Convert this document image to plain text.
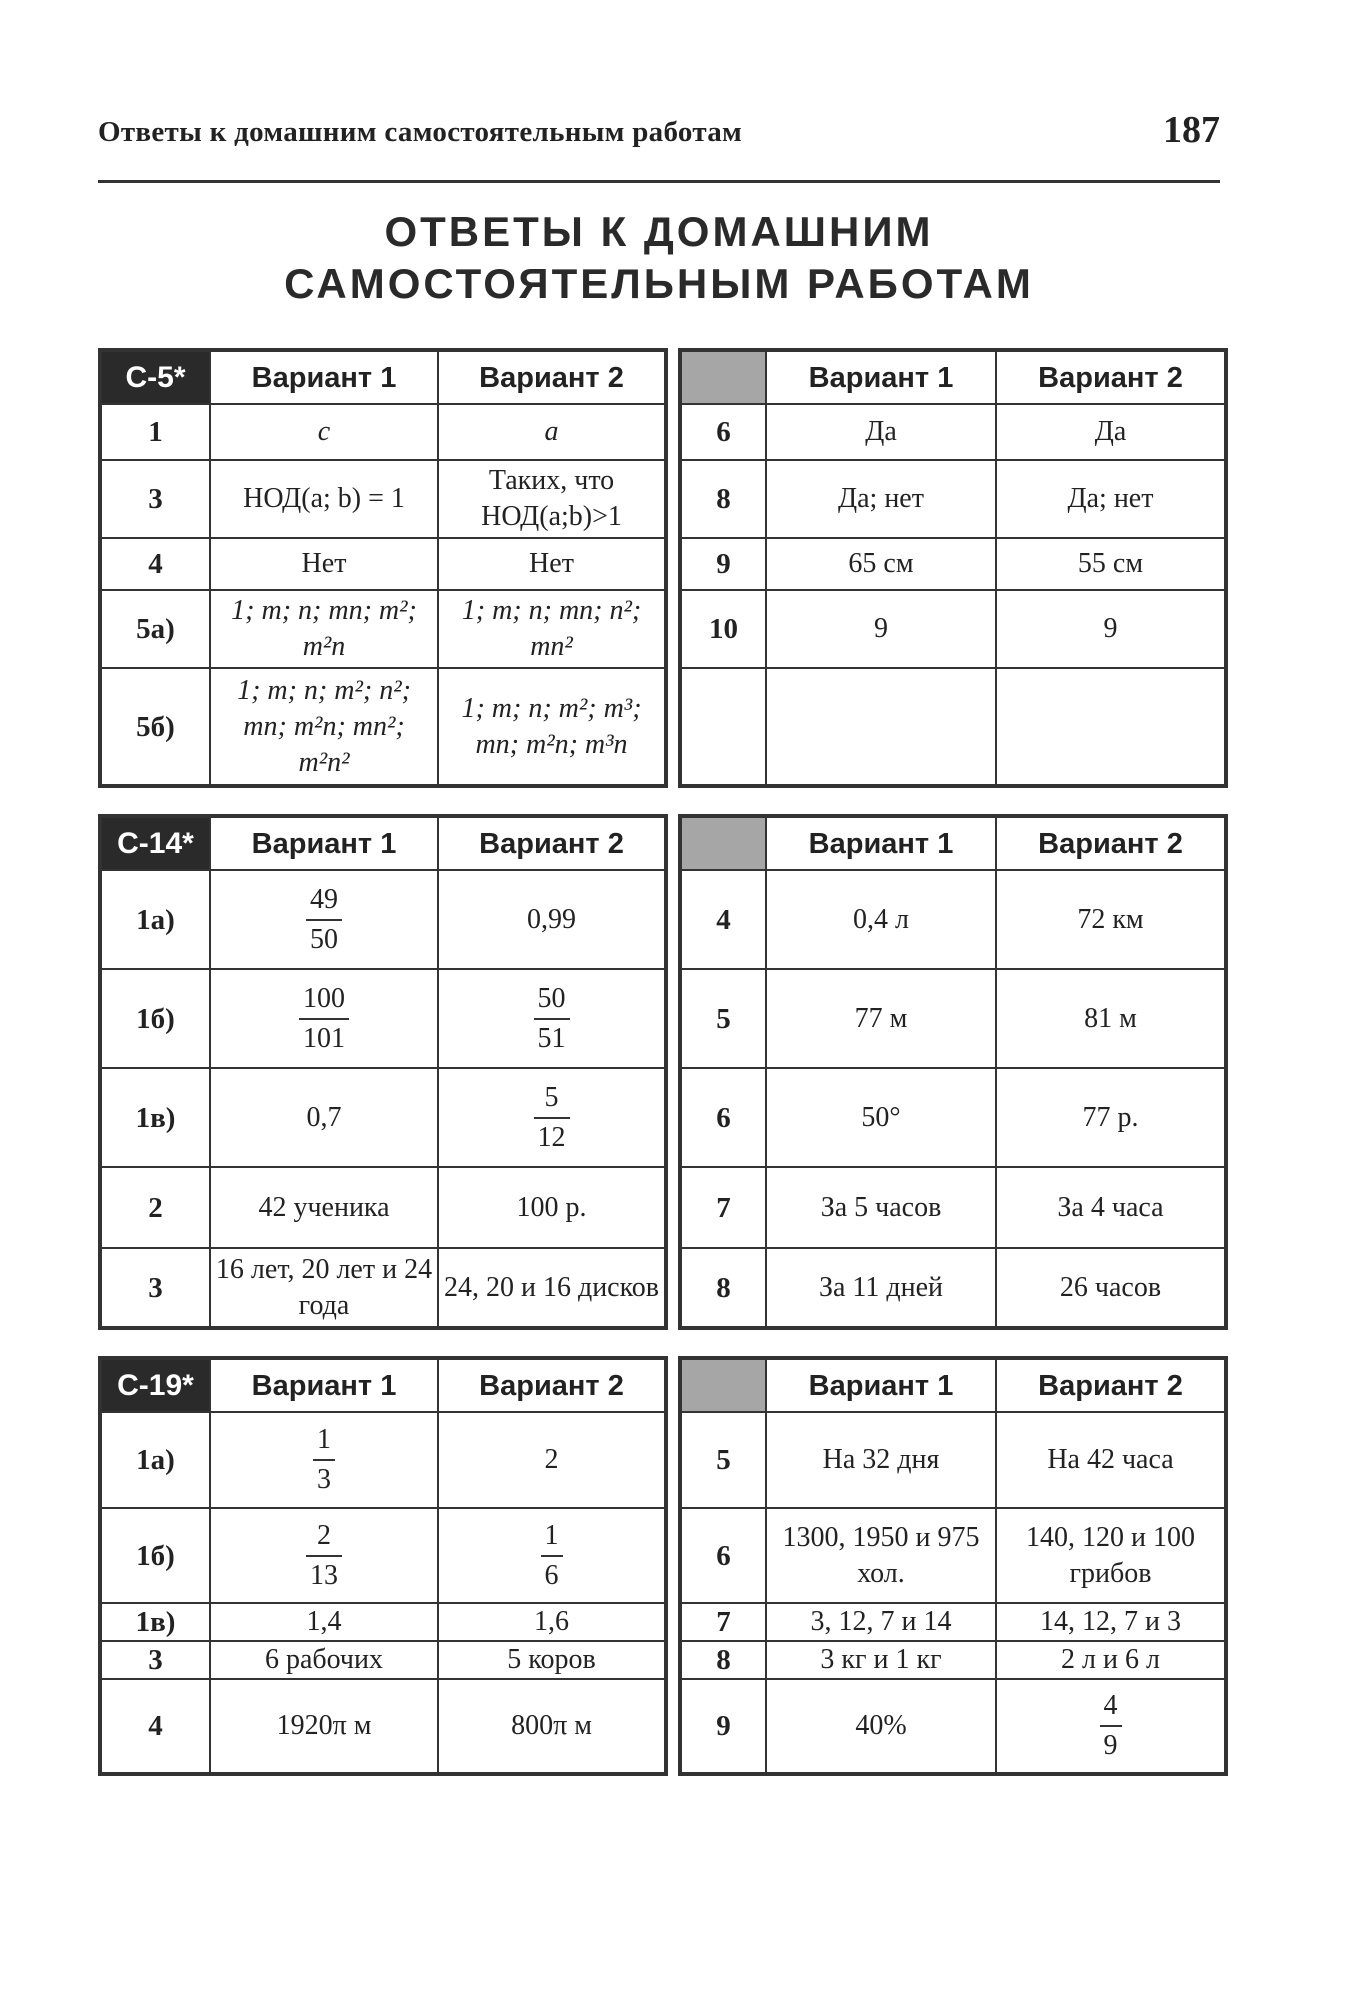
Ответы к домашним самостоятельным работам	187
ОТВЕТЫ К ДОМАШНИМ
САМОСТОЯТЕЛЬНЫМ РАБОТАМ
С-5*	Вариант 1	Вариант 2
1	c	a
3	НОД(a; b) = 1	Таких, что НОД(a;b)>1
4	Нет	Нет
5а)	1; m; n; mn; m²; m²n	1; m; n; mn; n²; mn²
5б)	1; m; n; m²; n²; mn; m²n; mn²; m²n²	1; m; n; m²; m³; mn; m²n; m³n
	Вариант 1	Вариант 2
6	Да	Да
8	Да; нет	Да; нет
9	65 см	55 см
10	9	9

С-14*	Вариант 1	Вариант 2
1а)	$\frac{49}{50}$	0,99
1б)	$\frac{100}{101}$	$\frac{50}{51}$

1в)	0,7	$\frac{5}{12}$

2	42 ученика	100 р.
3	16 лет, 20 лет и 24 года	24, 20 и 16 дисков
	Вариант 1	Вариант 2
4	0,4 л	72 км
5	77 м	81 м
6	50°	77 р.
7	За 5 часов	За 4 часа
8	За 11 дней	26 часов
С-19*	Вариант 1	Вариант 2
1а)	$\frac{1}{3}$	2
1б)	$\frac{2}{13}$	$\frac{1}{6}$

1в)	1,4	1,6
3	6 рабочих	5 коров
4	1920π м	800π м
	Вариант 1	Вариант 2
5	На 32 дня	На 42 часа
6	1300, 1950 и 975 хол.	140, 120 и 100 грибов
7	3, 12, 7 и 14	14, 12, 7 и 3
8	3 кг и 1 кг	2 л и 6 л
9	40%	$\frac{4}{9}$
